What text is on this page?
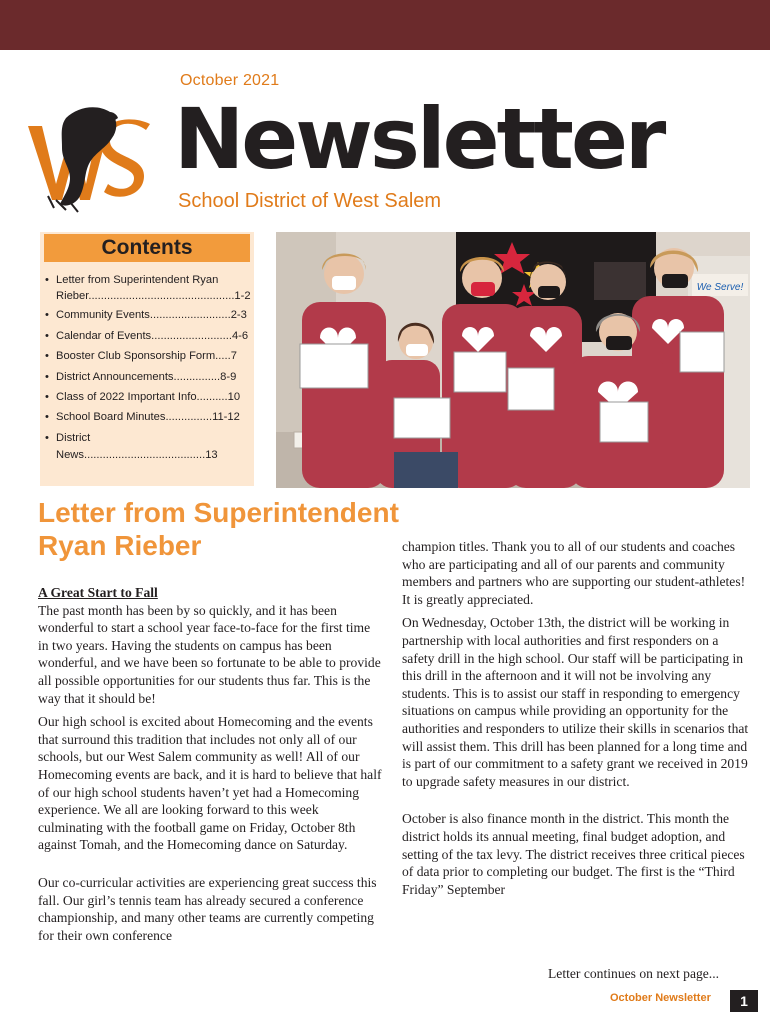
October 2021
Newsletter
School District of West Salem
Contents
• Letter from Superintendent Ryan Rieber...............................................1-2
• Community Events..........................2-3
• Calendar of Events..........................4-6
• Booster Club Sponsorship Form.....7
• District Announcements...............8-9
• Class of 2022 Important Info..........10
• School Board Minutes...............11-12
• District News.......................................13
We Serve!
Letter from Superintendent Ryan Rieber
A Great Start to Fall

The past month has been by so quickly, and it has been wonderful to start a school year face-to-face for the first time in two years. Having the students on campus has been wonderful, and we have been so fortunate to be able to provide all possible opportunities for our students thus far. This is the way that it should be!

Our high school is excited about Homecoming and the events that surround this tradition that includes not only all of our schools, but our West Salem community as well! All of our Homecoming events are back, and it is hard to believe that half of our high school students haven’t yet had a Homecoming experience. We all are looking forward to this week culminating with the football game on Friday, October 8th against Tomah, and the Homecoming dance on Saturday.

Our co-curricular activities are experiencing great success this fall. Our girl’s tennis team has already secured a conference championship, and many other teams are currently competing for their own conference

champion titles. Thank you to all of our students and coaches who are participating and all of our parents and community members and partners who are supporting our student-athletes! It is greatly appreciated.

On Wednesday, October 13th, the district will be working in partnership with local authorities and first responders on a safety drill in the high school. Our staff will be participating in this drill in the afternoon and it will not be involving any students. This is to assist our staff in responding to emergency situations on campus while providing an opportunity for the authorities and responders to utilize their skills in scenarios that will assist them. This drill has been planned for a long time and is part of our commitment to a safety grant we received in 2019 to upgrade safety measures in our district.

October is also finance month in the district. This month the district holds its annual meeting, final budget adoption, and setting of the tax levy. The district receives three critical pieces of data prior to completing our budget. The first is the “Third Friday” September

Letter continues on next page...
October Newsletter	1
